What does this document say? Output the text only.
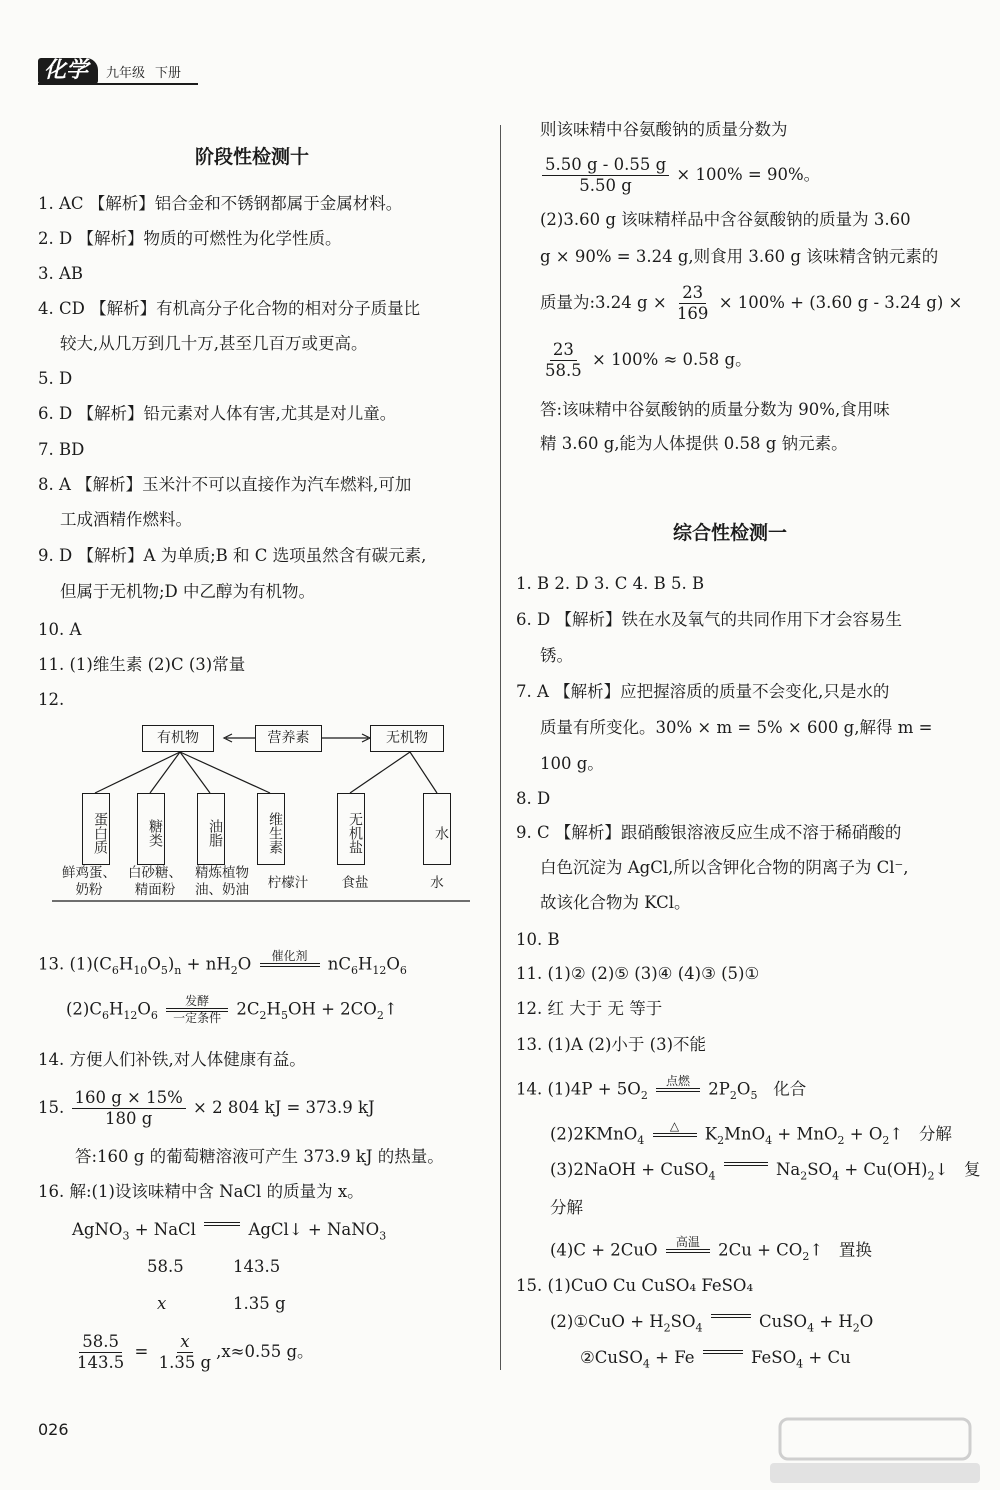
化学	九年级 下册
阶段性检测十
1. AC 【解析】铝合金和不锈钢都属于金属材料。
2. D 【解析】物质的可燃性为化学性质。
3. AB
4. CD 【解析】有机高分子化合物的相对分子质量比
较大,从几万到几十万,甚至几百万或更高。
5. D
6. D 【解析】铅元素对人体有害,尤其是对儿童。
7. BD
8. A 【解析】玉米汁不可以直接作为汽车燃料,可加
工成酒精作燃料。
9. D 【解析】A 为单质;B 和 C 选项虽然含有碳元素,
但属于无机物;D 中乙醇为有机物。
10. A
11. (1)维生素 (2)C (3)常量
12.
有机物	营养素	无机物
蛋白质	糖类	油脂	维生素	无机盐	水
鲜鸡蛋、奶粉
白砂糖、精面粉
精炼植物油、奶油	柠檬汁	食盐	水
13. $(1)(C_6H_{10}O_5)_n + nH_2O$ 催化剂 $nC_6H_{12}O_6$
$(2)C_6H_{12}O_6$
发酵
一定条件 $2C_2H_5OH$ + $2CO_2↑$
14. 方便人们补铁,对人体健康有益。
15. $\frac{160 g \times 15\%}{180 g} \times 2$ 804 kJ = 373.9 kJ
答:160 g 的葡萄糖溶液可产生 373.9 kJ 的热量。
16. 解:(1)设该味精中含 NaCl 的质量为 x。
AgNO$_3$ + NaCl	AgCl↓ + NaNO$_3$
58.5	143.5
x	1.35 g
$\frac{58.5}{143.5} = \frac{x}{1.35 g} ,x\approx 0.55$ g。
则该味精中谷氨酸钠的质量分数为
$\frac{5.50 g - 0.55 g}{5.50 g} \times 100\% = 90\%$。
(2)3.60 g 该味精样品中含谷氨酸钠的质量为 3.60
g × 90% = 3.24 g,则食用 3.60 g 该味精含钠元素的
质量为:3.24 $g \times \frac{23}{169} \times 100\% + (3.60$ g - 3.24 g) ×
$\frac{23}{58.5} \times 100\% \approx 0.58$ g。
答:该味精中谷氨酸钠的质量分数为 90%,食用味
精 3.60 g,能为人体提供 0.58 g 钠元素。
综合性检测一
1. B 2. D 3. C 4. B 5. B
6. D 【解析】铁在水及氧气的共同作用下才会容易生
锈。
7. A 【解析】应把握溶质的质量不会变化,只是水的
质量有所变化。30% × m = 5% × 600 g,解得 m =
100 g。
8. D
9. C 【解析】跟硝酸银溶液反应生成不溶于稀硝酸的
白色沉淀为 AgCl,所以含钾化合物的阴离子为 Cl⁻,
故该化合物为 KCl。
10. B
11. (1)② (2)⑤ (3)④ (4)③ (5)①
12. 红 大于 无 等于
13. (1)A (2)小于 (3)不能
14. $(1)4P + 5O_2$
点燃 $2P_2O_5$ 化合
(2)2KMnO$_4$
△ $K_2MnO_4 + MnO_2$ + $O_2↑$   分解
(3)2NaOH + CuSO$_4$	$Na_2SO_4$ + $Cu(OH)_2↓$   复
分解
(4)C + 2CuO 高温 $2Cu + CO_2↑$   置换
15. (1)CuO Cu CuSO₄ FeSO₄
(2)①CuO + $H_2SO_4$	CuSO$_4$ + $H_2O$
②CuSO$_4$ + Fe	FeSO$_4$ + Cu
026
